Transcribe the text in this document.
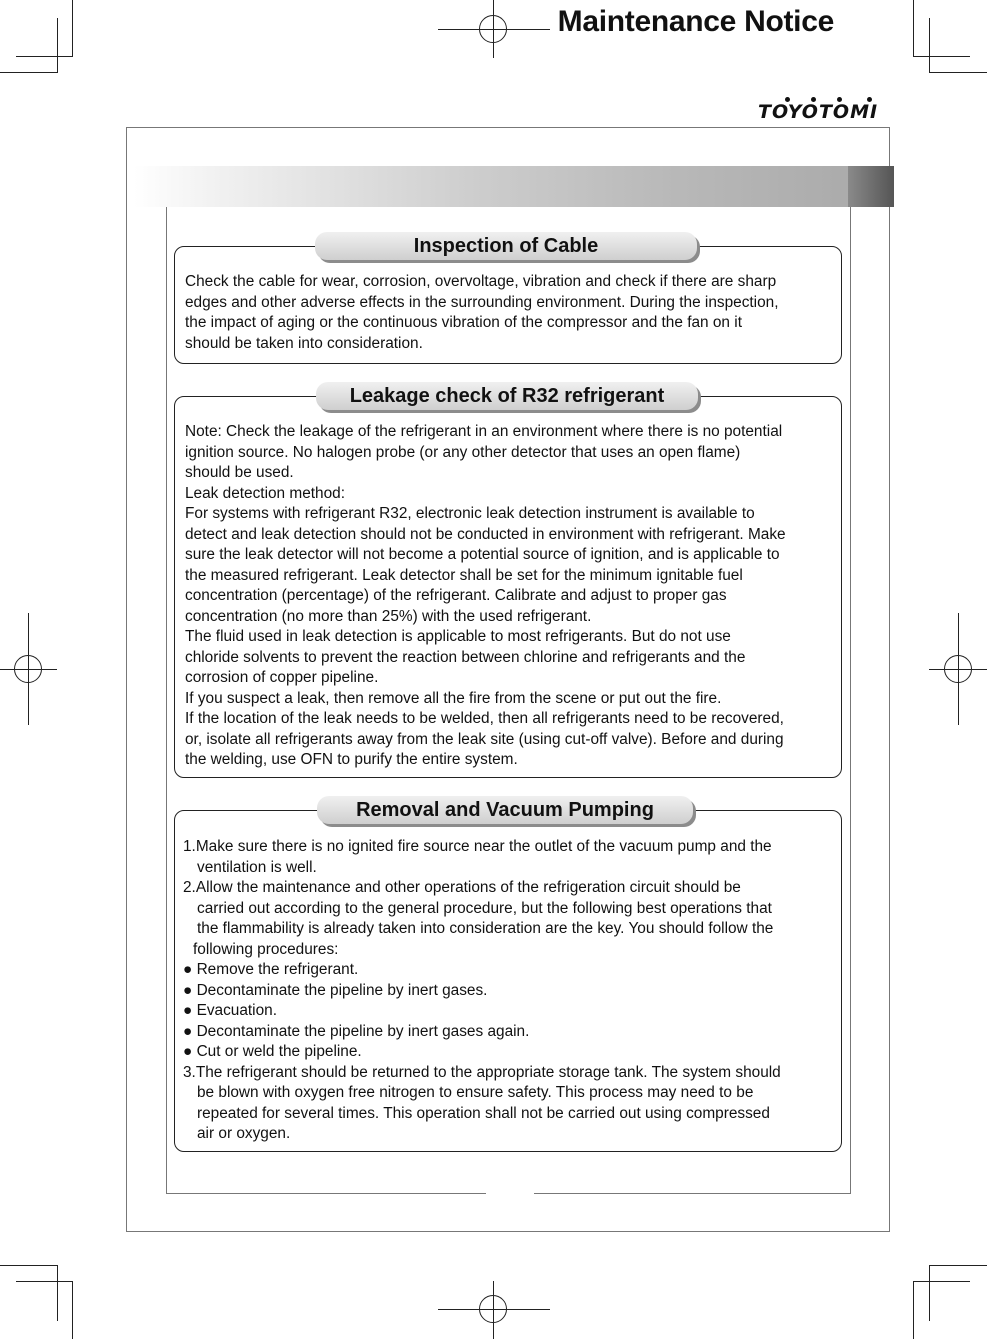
TOYOTOMI
Maintenance Notice
Inspection of Cable
Check the cable for wear, corrosion, overvoltage, vibration and check if there are sharp
edges and other adverse effects in the surrounding environment. During the inspection,
the impact of aging or the continuous vibration of the compressor and the fan on it
should be taken into consideration.
Leakage check of R32 refrigerant
Note: Check the leakage of the refrigerant in an environment where there is no potential
ignition source. No halogen probe (or any other detector that uses an open flame)
should be used.
Leak detection method:
For systems with refrigerant R32, electronic leak detection instrument is available to
detect and leak detection should not be conducted in environment with refrigerant. Make
sure the leak detector will not become a potential source of ignition, and is applicable to
the measured refrigerant. Leak detector shall be set for the minimum ignitable fuel
concentration (percentage) of the refrigerant. Calibrate and adjust to proper gas
concentration (no more than 25%) with the used refrigerant.
The fluid used in leak detection is applicable to most refrigerants. But do not use
chloride solvents to prevent the reaction between chlorine and refrigerants and the
corrosion of copper pipeline.
If you suspect a leak, then remove all the fire from the scene or put out the fire.
If the location of the leak needs to be welded, then all refrigerants need to be recovered,
or, isolate all refrigerants away from the leak site (using cut-off valve). Before and during
the welding, use OFN to purify the entire system.
Removal and Vacuum Pumping
1.Make sure there is no ignited fire source near the outlet of the vacuum pump and the
ventilation is well.
2.Allow the maintenance and other operations of the refrigeration circuit should be
carried out according to the general procedure, but the following best operations that
the flammability is already taken into consideration are the key. You should follow the
following procedures:
● Remove the refrigerant.
● Decontaminate the pipeline by inert gases.
● Evacuation.
● Decontaminate the pipeline by inert gases again.
● Cut or weld the pipeline.
3.The refrigerant should be returned to the appropriate storage tank. The system should
be blown with oxygen free nitrogen to ensure safety. This process may need to be
repeated for several times. This operation shall not be carried out using compressed
air or oxygen.
